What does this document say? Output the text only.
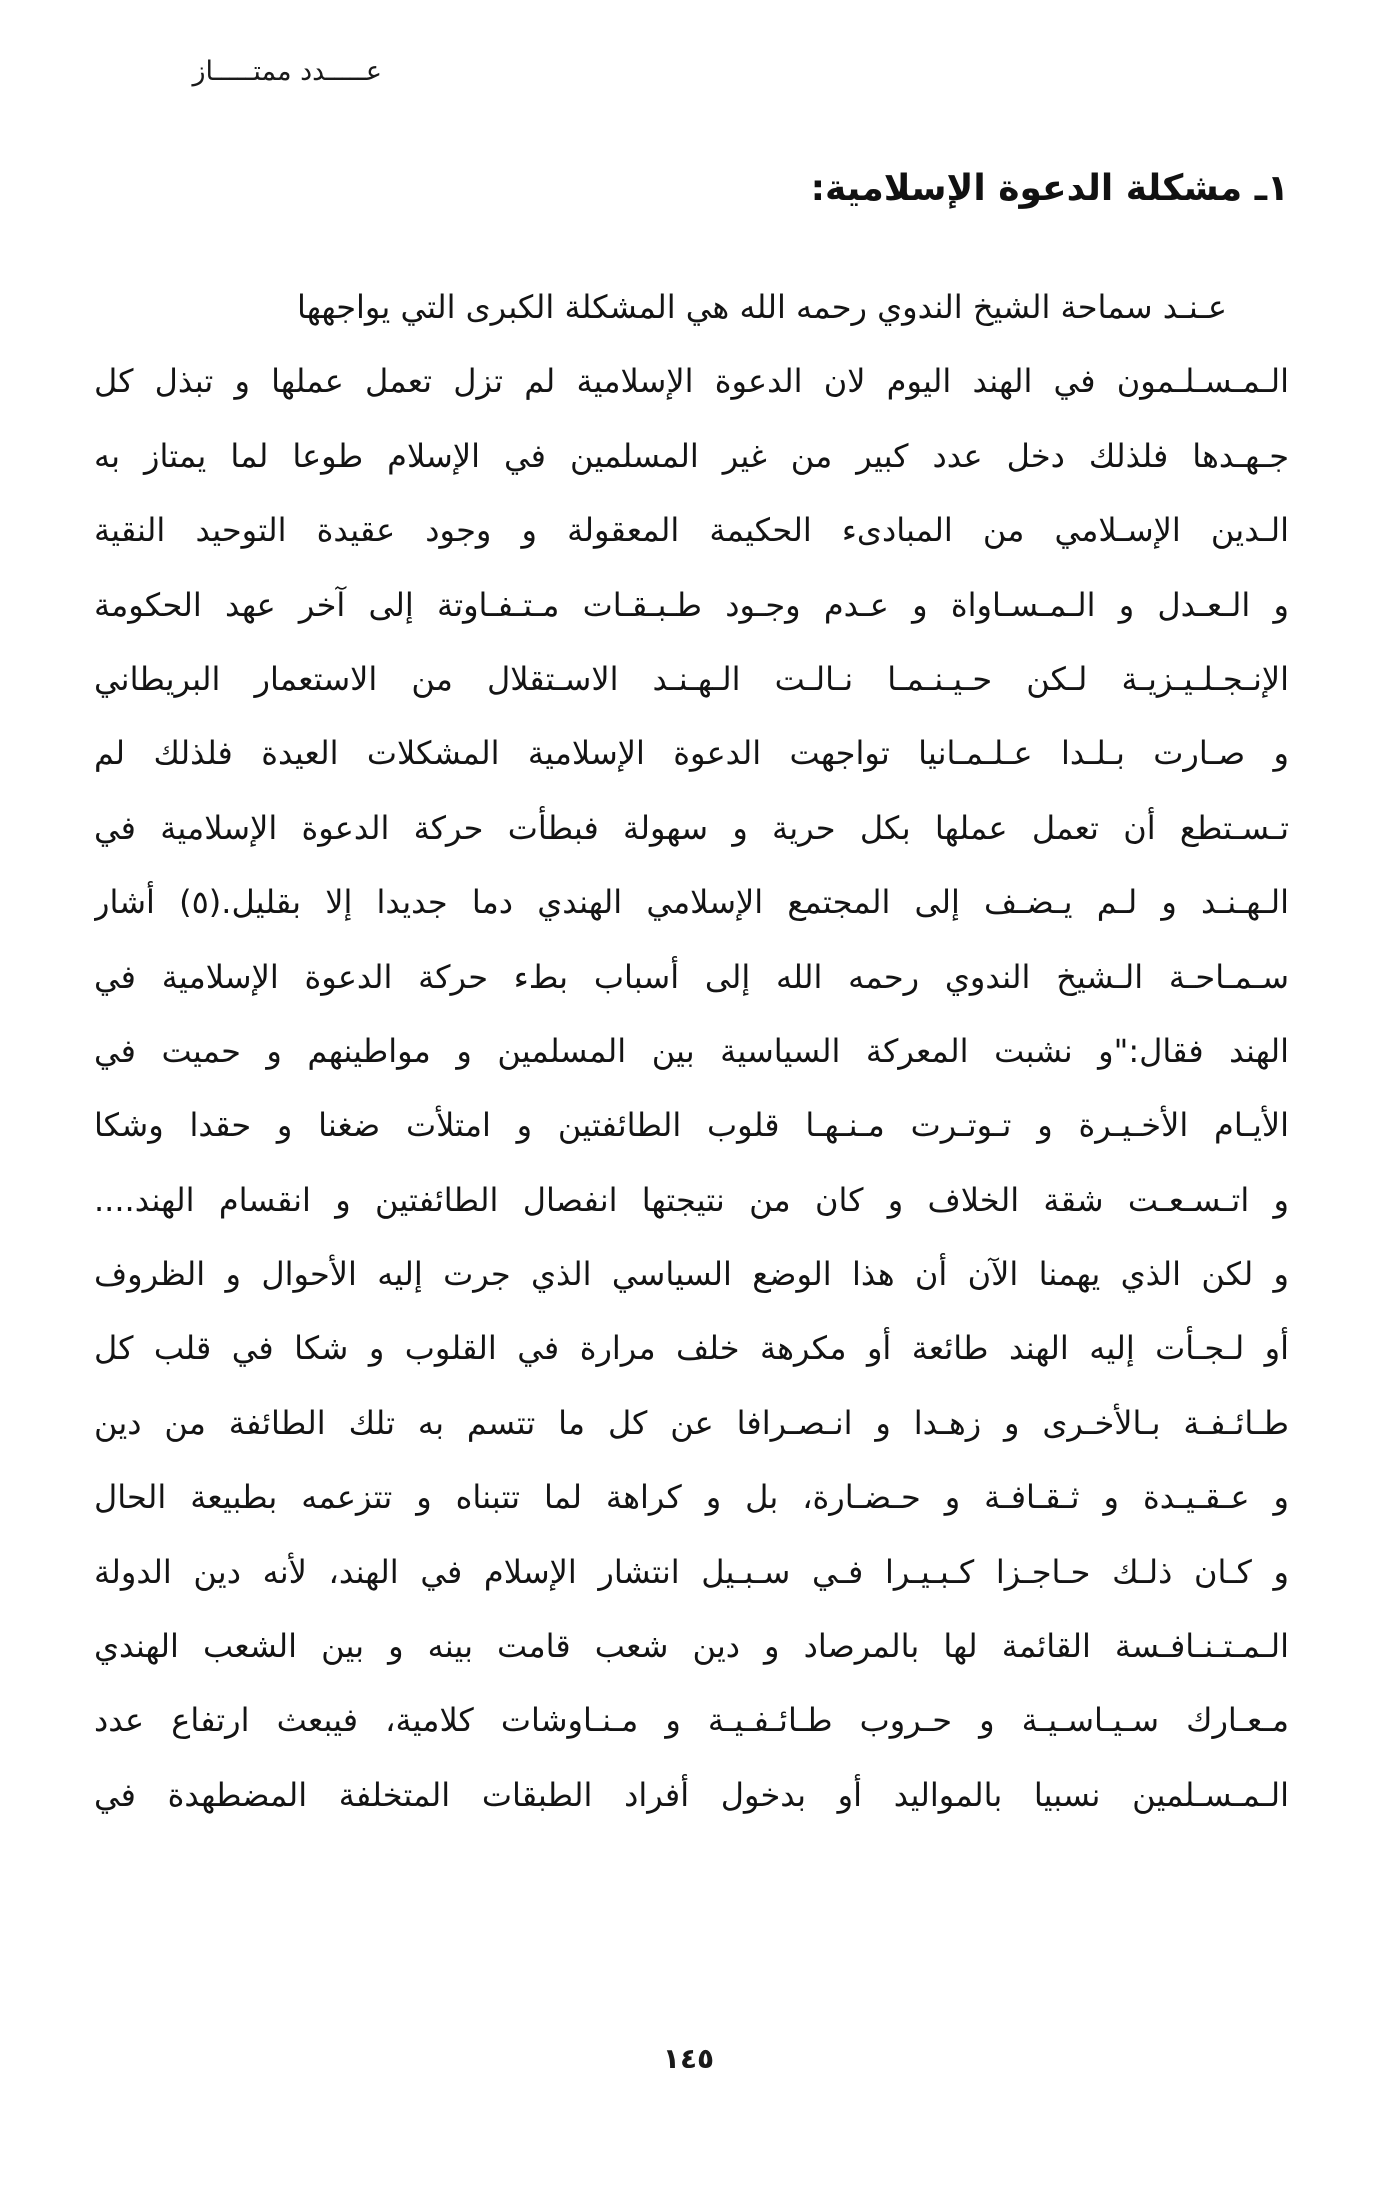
عـــــدد ممتـــــاز
١ـ مشكلة الدعوة الإسلامية:
عـنـد سماحة الشيخ الندوي رحمه الله هي المشكلة الكبرى التي يواجهها
الـمـسـلـمون في الهند اليوم لان الدعوة الإسلامية لم تزل تعمل عملها و تبذل كل
جـهـدها فلذلك دخل عدد كبير من غير المسلمين في الإسلام طوعا لما يمتاز به
الـدين الإسـلامي من المبادىء الحكيمة المعقولة و وجود عقيدة التوحيد النقية
و الـعـدل و الـمـسـاواة و عـدم وجـود طـبـقـات مـتـفـاوتة إلى آخر عهد الحكومة
الإنـجـلـيـزيـة لـكن حـيـنـمـا نـالـت الـهـنـد الاسـتقلال من الاستعمار البريطاني
و صـارت بـلـدا عـلـمـانيا تواجهت الدعوة الإسلامية المشكلات العيدة فلذلك لم
تـسـتطع أن تعمل عملها بكل حرية و سهولة فبطأت حركة الدعوة الإسلامية في
الـهـنـد و لـم يـضـف إلى المجتمع الإسلامي الهندي دما جديدا إلا بقليل.(٥) أشار
سـمـاحـة الـشيخ الندوي رحمه الله إلى أسباب بطء حركة الدعوة الإسلامية في
الهند فقال:"و نشبت المعركة السياسية بين المسلمين و مواطينهم و حميت في
الأيـام الأخـيـرة و تـوتـرت مـنـهـا قلوب الطائفتين و امتلأت ضغنا و حقدا وشكا
و اتـسـعـت شقة الخلاف و كان من نتيجتها انفصال الطائفتين و انقسام الهند....
و لكن الذي يهمنا الآن أن هذا الوضع السياسي الذي جرت إليه الأحوال و الظروف
أو لـجـأت إليه الهند طائعة أو مكرهة خلف مرارة في القلوب و شكا في قلب كل
طـائـفـة بـالأخـرى و زهـدا و انـصـرافا عن كل ما تتسم به تلك الطائفة من دين
و عـقـيـدة و ثـقـافـة و حـضـارة، بل و كراهة لما تتبناه و تتزعمه بطبيعة الحال
و كـان ذلـك حـاجـزا كـبـيـرا فـي سـبـيل انتشار الإسلام في الهند، لأنه دين الدولة
الـمـتـنـافـسة القائمة لها بالمرصاد و دين شعب قامت بينه و بين الشعب الهندي
مـعـارك سـيـاسـيـة و حـروب طـائـفـيـة و مـنـاوشات كلامية، فيبعث ارتفاع عدد
الـمـسـلمين نسبيا بالمواليد أو بدخول أفراد الطبقات المتخلفة المضطهدة في
١٤٥
